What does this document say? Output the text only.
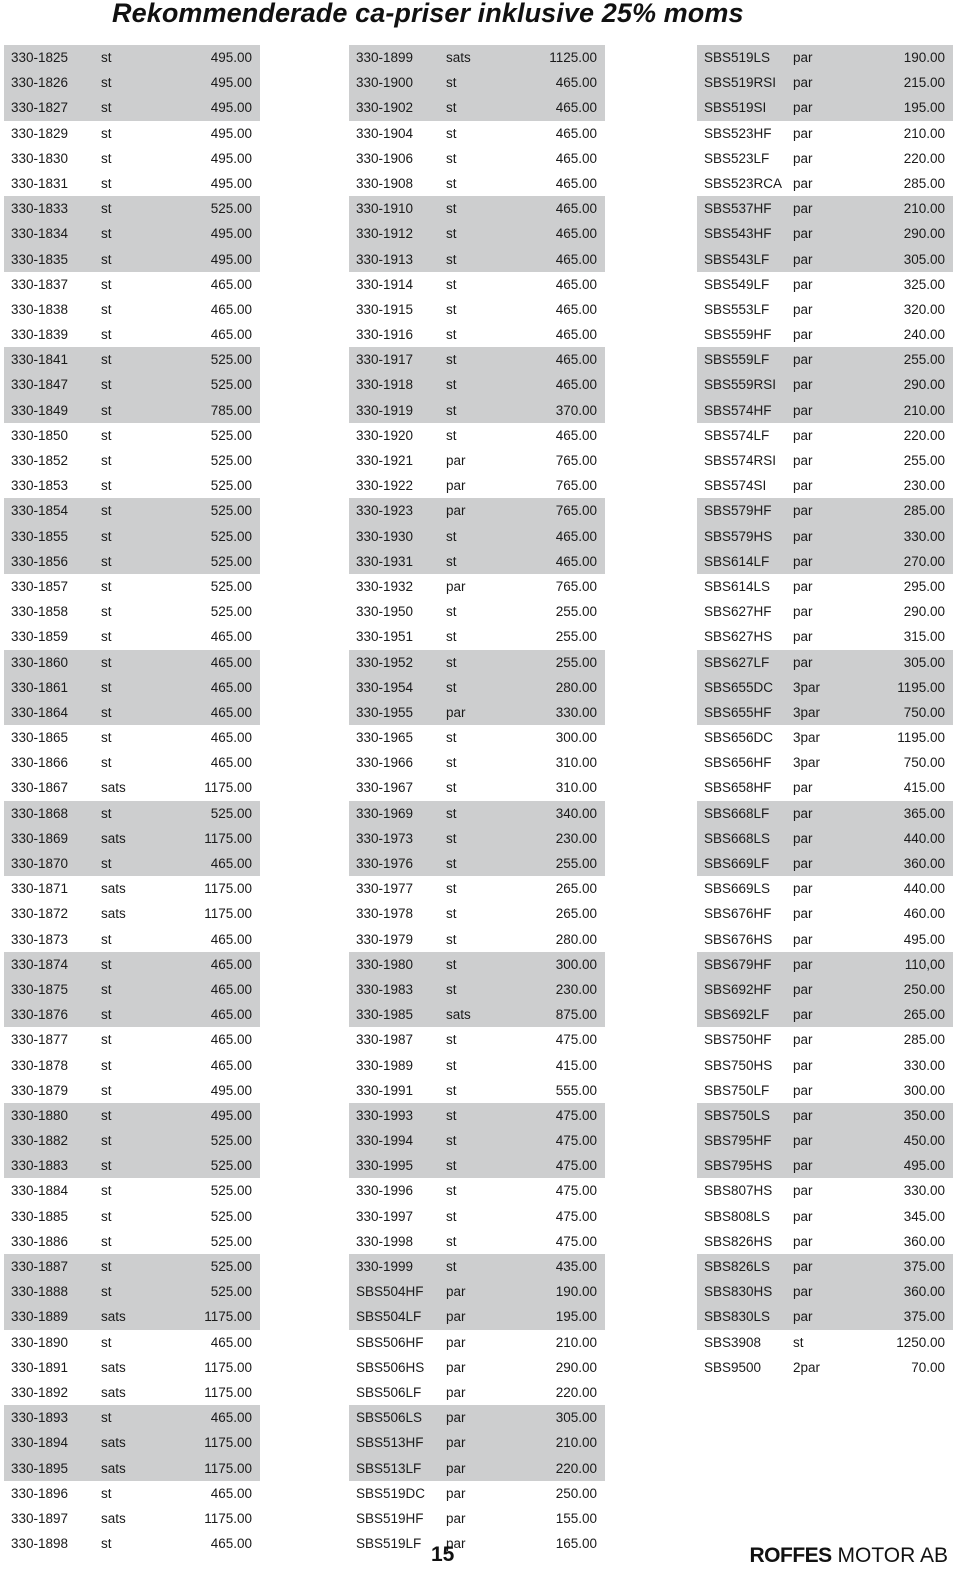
Rekommenderade ca-priser inklusive 25% moms
330-1825 st	495.00
330-1826 st	495.00
330-1827 st	495.00
330-1829 st	495.00
330-1830 st	495.00
330-1831 st	495.00
330-1833 st	525.00
330-1834 st	495.00
330-1835 st	495.00
330-1837 st	465.00
330-1838 st	465.00
330-1839 st	465.00
330-1841 st	525.00
330-1847 st	525.00
330-1849 st	785.00
330-1850 st	525.00
330-1852 st	525.00
330-1853 st	525.00
330-1854 st	525.00
330-1855 st	525.00
330-1856 st	525.00
330-1857 st	525.00
330-1858 st	525.00
330-1859 st	465.00
330-1860 st	465.00
330-1861 st	465.00
330-1864 st	465.00
330-1865 st	465.00
330-1866 st	465.00
330-1867 sats	1175.00
330-1868 st	525.00
330-1869 sats	1175.00
330-1870 st	465.00
330-1871 sats	1175.00
330-1872 sats	1175.00
330-1873 st	465.00
330-1874 st	465.00
330-1875 st	465.00
330-1876 st	465.00
330-1877 st	465.00
330-1878 st	465.00
330-1879 st	495.00
330-1880 st	495.00
330-1882 st	525.00
330-1883 st	525.00
330-1884 st	525.00
330-1885 st	525.00
330-1886 st	525.00
330-1887 st	525.00
330-1888 st	525.00
330-1889 sats	1175.00
330-1890 st	465.00
330-1891 sats	1175.00
330-1892 sats	1175.00
330-1893 st	465.00
330-1894 sats	1175.00
330-1895 sats	1175.00
330-1896 st	465.00
330-1897 sats	1175.00
330-1898 st	465.00
330-1899 sats	1125.00
330-1900 st	465.00
330-1902 st	465.00
330-1904 st	465.00
330-1906 st	465.00
330-1908 st	465.00
330-1910 st	465.00
330-1912 st	465.00
330-1913 st	465.00
330-1914 st	465.00
330-1915 st	465.00
330-1916 st	465.00
330-1917 st	465.00
330-1918 st	465.00
330-1919 st	370.00
330-1920 st	465.00
330-1921 par	765.00
330-1922 par	765.00
330-1923 par	765.00
330-1930 st	465.00
330-1931 st	465.00
330-1932 par	765.00
330-1950 st	255.00
330-1951 st	255.00
330-1952 st	255.00
330-1954 st	280.00
330-1955 par	330.00
330-1965 st	300.00
330-1966 st	310.00
330-1967 st	310.00
330-1969 st	340.00
330-1973 st	230.00
330-1976 st	255.00
330-1977 st	265.00
330-1978 st	265.00
330-1979 st	280.00
330-1980 st	300.00
330-1983 st	230.00
330-1985 sats	875.00
330-1987 st	475.00
330-1989 st	415.00
330-1991 st	555.00
330-1993 st	475.00
330-1994 st	475.00
330-1995 st	475.00
330-1996 st	475.00
330-1997 st	475.00
330-1998 st	475.00
330-1999 st	435.00
SBS504HF par	190.00
SBS504LF par	195.00
SBS506HF par	210.00
SBS506HS par	290.00
SBS506LF par	220.00
SBS506LS par	305.00
SBS513HF par	210.00
SBS513LF par	220.00
SBS519DC par	250.00
SBS519HF par	155.00
SBS519LF par	165.00
SBS519LS par	190.00
SBS519RSI par	215.00
SBS519SI par	195.00
SBS523HF par	210.00
SBS523LF par	220.00
SBS523RCA par	285.00
SBS537HF par	210.00
SBS543HF par	290.00
SBS543LF par	305.00
SBS549LF par	325.00
SBS553LF par	320.00
SBS559HF par	240.00
SBS559LF par	255.00
SBS559RSI par	290.00
SBS574HF par	210.00
SBS574LF par	220.00
SBS574RSI par	255.00
SBS574SI par	230.00
SBS579HF par	285.00
SBS579HS par	330.00
SBS614LF par	270.00
SBS614LS par	295.00
SBS627HF par	290.00
SBS627HS par	315.00
SBS627LF par	305.00
SBS655DC 3par	1195.00
SBS655HF 3par	750.00
SBS656DC 3par	1195.00
SBS656HF 3par	750.00
SBS658HF par	415.00
SBS668LF par	365.00
SBS668LS par	440.00
SBS669LF par	360.00
SBS669LS par	440.00
SBS676HF par	460.00
SBS676HS par	495.00
SBS679HF par	110,00
SBS692HF par	250.00
SBS692LF par	265.00
SBS750HF par	285.00
SBS750HS par	330.00
SBS750LF par	300.00
SBS750LS par	350.00
SBS795HF par	450.00
SBS795HS par	495.00
SBS807HS par	330.00
SBS808LS par	345.00
SBS826HS par	360.00
SBS826LS par	375.00
SBS830HS par	360.00
SBS830LS par	375.00
SBS3908 st	1250.00
SBS9500 2par	70.00
15	ROFFES MOTOR AB
